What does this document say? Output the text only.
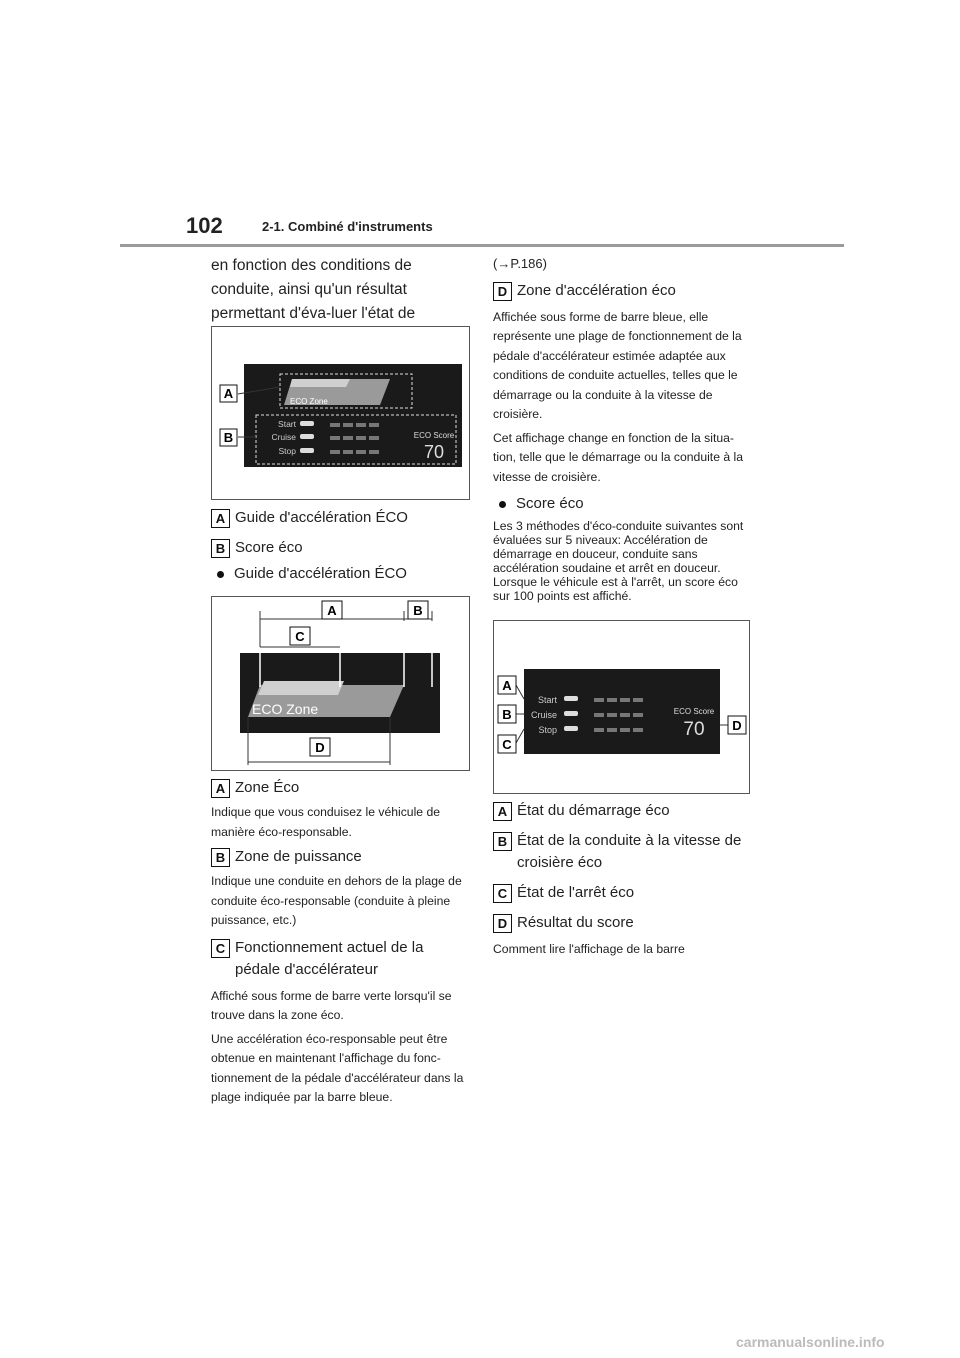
102	2-1. Combiné d'instruments

en fonction des conditions de conduite, ainsi qu'un résultat permettant d'éva-luer l'état de

ECO Zone
Start
Cruise
Stop
ECO Score
70
A
B
A Guide d'accélération ÉCO
B Score éco
Guide d'accélération ÉCO
ECO Zone
A	B
C
D
A Zone Éco

Indique que vous conduisez le véhicule de manière éco-responsable.

B Zone de puissance

Indique une conduite en dehors de la plage de conduite éco-responsable (conduite à pleine puissance, etc.)

C Fonctionnement actuel de la pédale d'accélérateur

Affiché sous forme de barre verte lorsqu'il se trouve dans la zone éco.

Une accélération éco-responsable peut être obtenue en maintenant l'affichage du fonc-tionnement de la pédale d'accélérateur dans la plage indiquée par la barre bleue.

(→P.186)

D Zone d'accélération éco

Affichée sous forme de barre bleue, elle représente une plage de fonctionnement de la pédale d'accélérateur estimée adaptée aux conditions de conduite actuelles, telles que le démarrage ou la conduite à la vitesse de croisière.

Cet affichage change en fonction de la situa-tion, telle que le démarrage ou la conduite à la vitesse de croisière.

Score éco

Les 3 méthodes d'éco-conduite suivantes sont évaluées sur 5 niveaux: Accélération de démarrage en douceur, conduite sans accélération soudaine et arrêt en douceur. Lorsque le véhicule est à l'arrêt, un score éco sur 100 points est affiché.

Start
Cruise
Stop
ECO Score
70
A
B
C
D
A État du démarrage éco
B État de la conduite à la vitesse de croisière éco
C État de l'arrêt éco
D Résultat du score

Comment lire l'affichage de la barre

carmanualsonline.info
